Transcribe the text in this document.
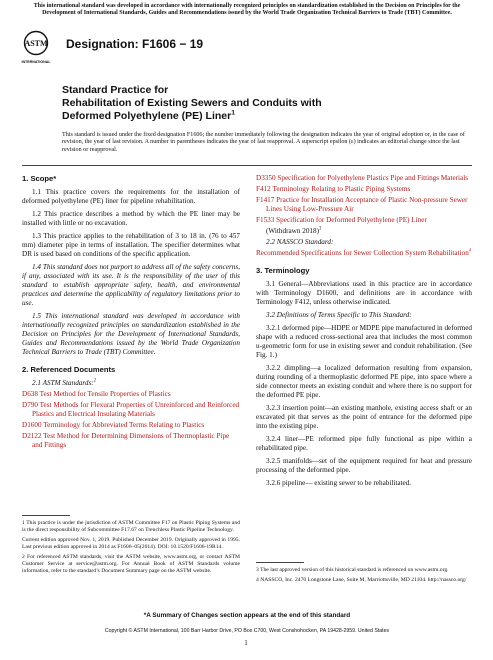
This international standard was developed in accordance with internationally recognized principles on standardization established in the Decision on Principles for the Development of International Standards, Guides and Recommendations issued by the World Trade Organization Technical Barriers to Trade (TBT) Committee.
ASTM
INTERNATIONAL
Designation: F1606 − 19
Standard Practice for
Rehabilitation of Existing Sewers and Conduits with
Deformed Polyethylene (PE) Liner$^1$
This standard is issued under the fixed designation F1606; the number immediately following the designation indicates the year of original adoption or, in the case of revision, the year of last revision. A number in parentheses indicates the year of last reapproval. A superscript epsilon (ε) indicates an editorial change since the last revision or reapproval.
1. Scope*

1.1 This practice covers the requirements for the installation of deformed polyethylene (PE) liner for pipeline rehabilitation.

1.2 This practice describes a method by which the PE liner may be installed with little or no excavation.

1.3 This practice applies to the rehabilitation of 3 to 18 in. (76 to 457 mm) diameter pipe in terms of installation. The specifier determines what DR is used based on conditions of the specific application.

1.4 This standard does not purport to address all of the safety concerns, if any, associated with its use. It is the responsibility of the user of this standard to establish appropriate safety, health, and environmental practices and determine the applicability of regulatory limitations prior to use.

1.5 This international standard was developed in accordance with internationally recognized principles on standardization established in the Decision on Principles for the Development of International Standards, Guides and Recommendations issued by the World Trade Organization Technical Barriers to Trade (TBT) Committee.

2. Referenced Documents

2.1 ASTM Standards:$^2$

D638 Test Method for Tensile Properties of Plastics
D790 Test Methods for Flexural Properties of Unreinforced and Reinforced Plastics and Electrical Insulating Materials
D1600 Terminology for Abbreviated Terms Relating to Plastics
D2122 Test Method for Determining Dimensions of Thermoplastic Pipe and Fittings
1 This practice is under the jurisdiction of ASTM Committee F17 on Plastic Piping Systems and is the direct responsibility of Subcommittee F17.67 on Trenchless Plastic Pipeline Technology.
Current edition approved Nov. 1, 2019. Published December 2019. Originally approved in 1995. Last previous edition approved in 2014 as F1606–05(2014). DOI: 10.1520/F1606-19R14.
2 For referenced ASTM standards, visit the ASTM website, www.astm.org, or contact ASTM Customer Service at service@astm.org. For Annual Book of ASTM Standards volume information, refer to the standard’s Document Summary page on the ASTM website.
D3350 Specification for Polyethylene Plastics Pipe and Fittings Materials
F412 Terminology Relating to Plastic Piping Systems
F1417 Practice for Installation Acceptance of Plastic Non-pressure Sewer Lines Using Low-Pressure Air
F1533 Specification for Deformed Polyethylene (PE) Liner
(Withdrawn 2018)$^3$

2.2 NASSCO Standard:

Recommended Specifications for Sewer Collection System Rehabilitation$^4$
3. Terminology

3.1 General—Abbreviations used in this practice are in accordance with Terminology D1600, and definitions are in accordance with Terminology F412, unless otherwise indicated.

3.2 Definitions of Terms Specific to This Standard:

3.2.1 deformed pipe—HDPE or MDPE pipe manufactured in deformed shape with a reduced cross-sectional area that includes the most common u-geometric form for use in existing sewer and conduit rehabilitation. (See Fig. 1.)

3.2.2 dimpling—a localized deformation resulting from expansion, during rounding of a thermoplastic deformed PE pipe, into space where a side connector meets an existing conduit and where there is no support for the deformed PE pipe.

3.2.3 insertion point—an existing manhole, existing access shaft or an excavated pit that serves as the point of entrance for the deformed pipe into the existing pipe.

3.2.4 liner—PE reformed pipe fully functional as pipe within a rehabilitated pipe.

3.2.5 manifolds—set of the equipment required for heat and pressure processing of the deformed pipe.

3.2.6 pipeline— existing sewer to be rehabilitated.

3 The last approved version of this historical standard is referenced on www.astm.org.
4 NASSCO, Inc. 2470 Longstone Lane, Suite M, Marriottsville, MD 21104. http://nassco.org/
*A Summary of Changes section appears at the end of this standard
Copyright © ASTM International, 100 Barr Harbor Drive, PO Box C700, West Conshohocken, PA 19428-2959. United States
1
